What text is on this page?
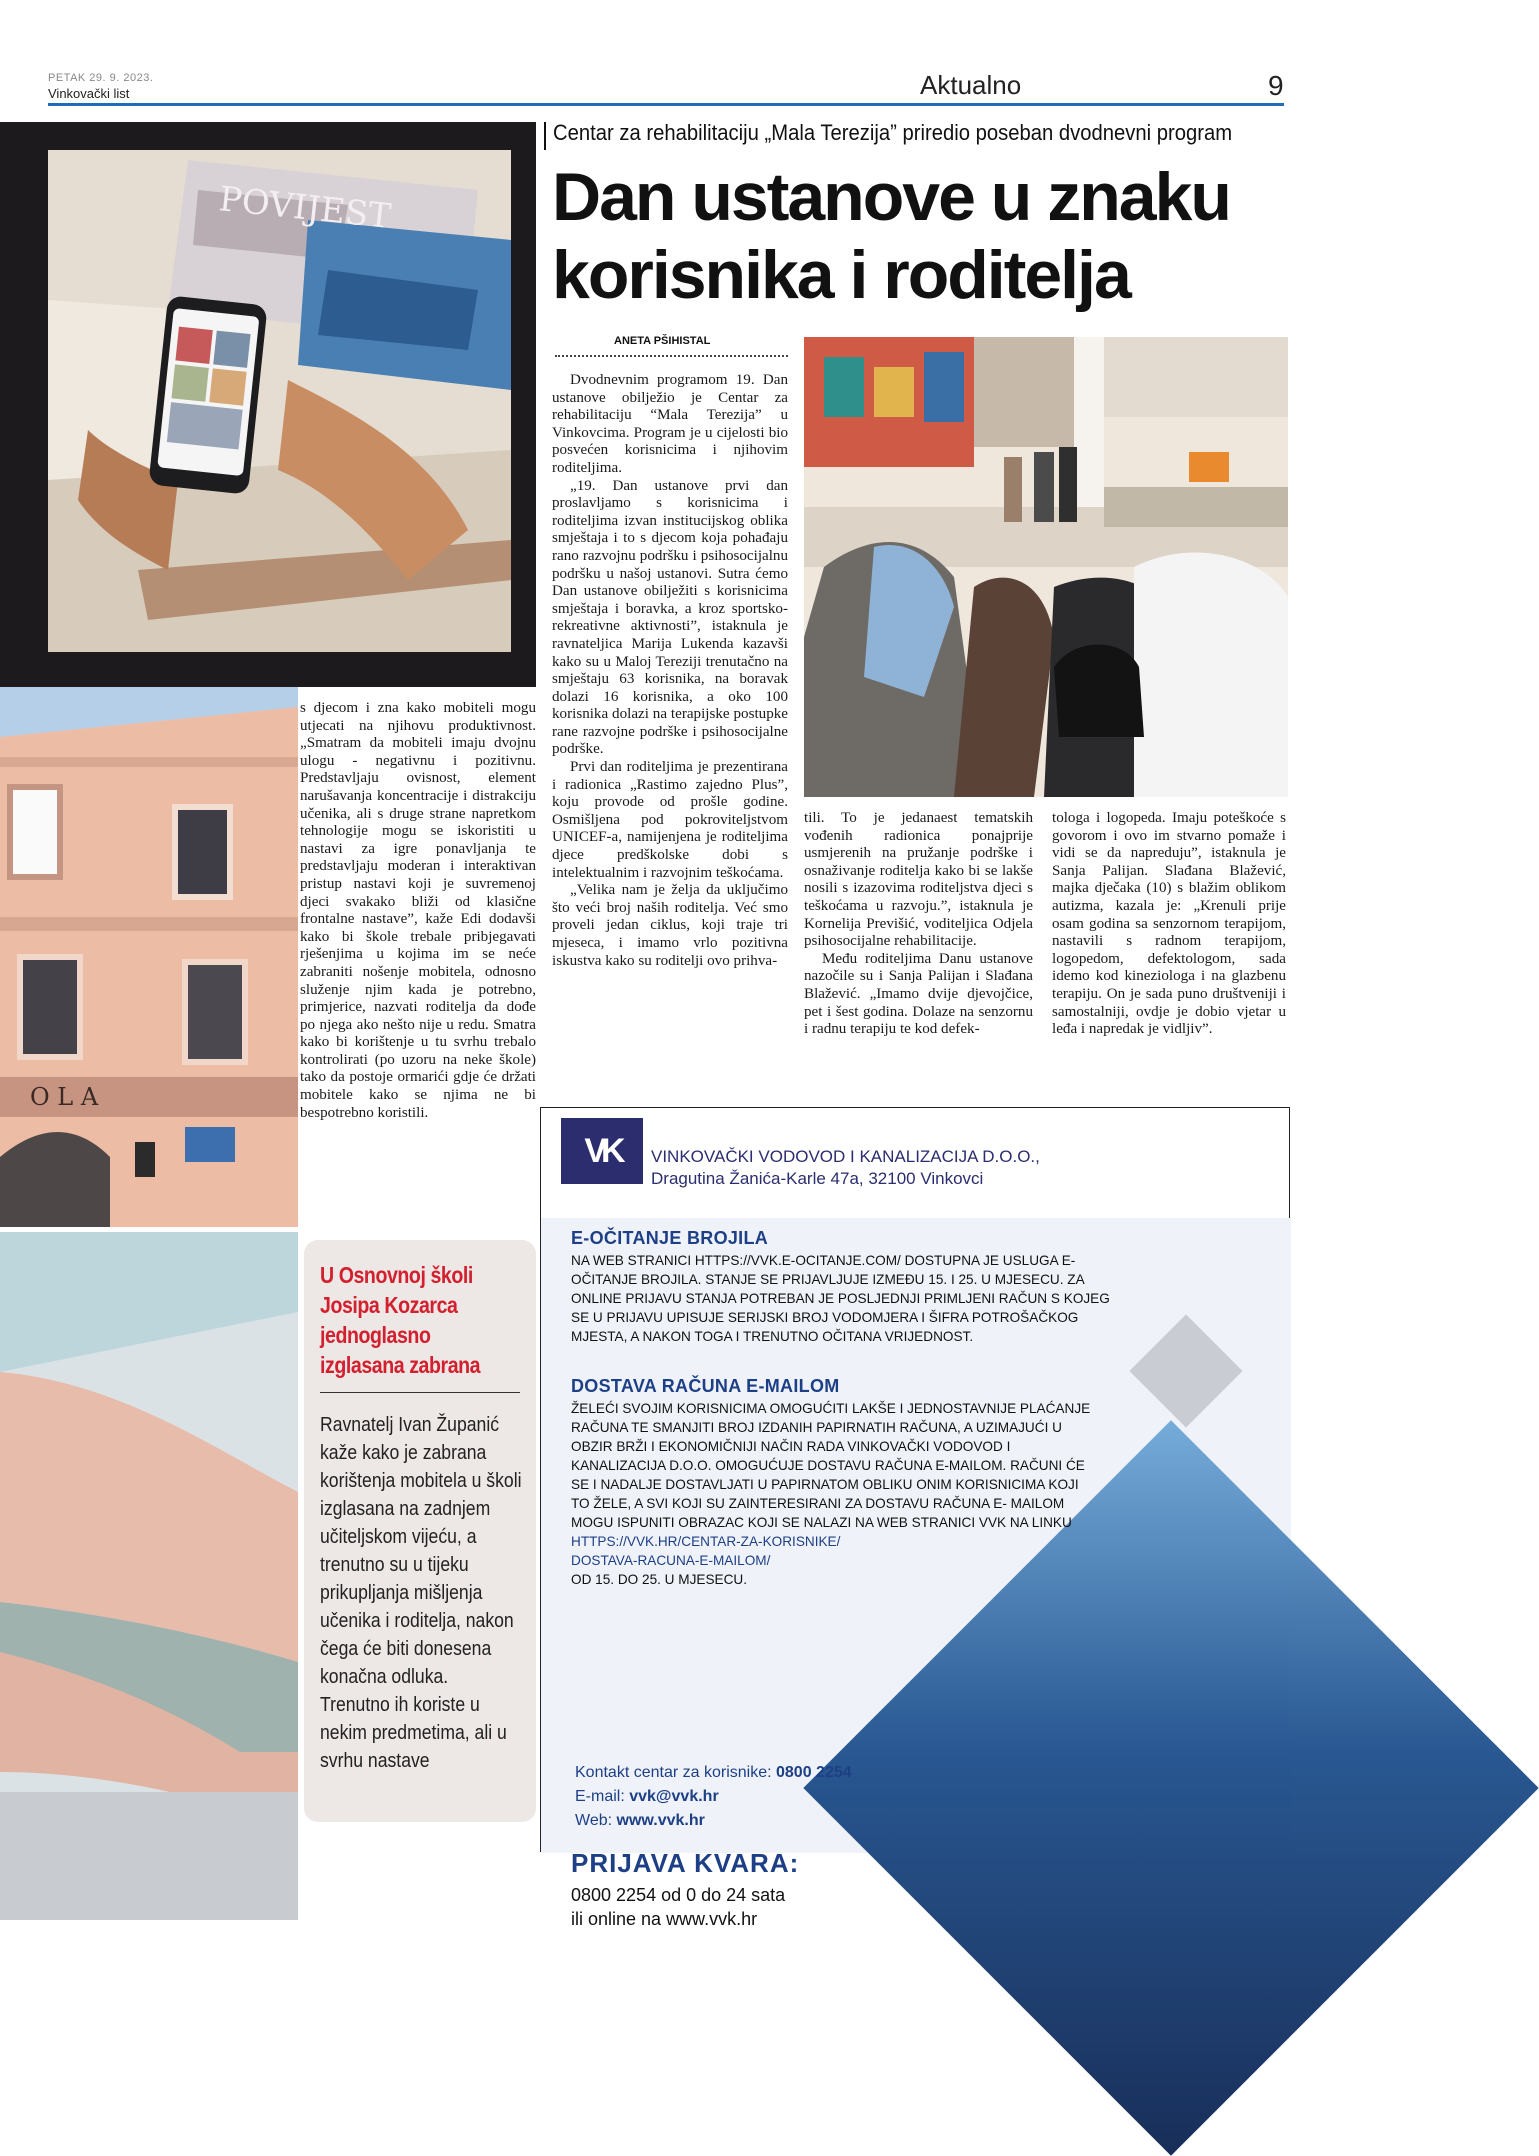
PETAK 29. 9. 2023.
Vinkovački list	Aktualno	9
POVIJEST
O L A
Centar za rehabilitaciju „Mala Terezija” priredio poseban dvodnevni program
Dan ustanove u znaku korisnika i roditelja
ANETA PŠIHISTAL

Dvodnevnim programom 19. Dan ustanove obilježio je Centar za rehabilitaciju “Mala Terezija” u Vinkovcima. Program je u cijelosti bio posvećen korisnicima i njihovim roditeljima.

„19. Dan ustanove prvi dan proslavljamo s korisnicima i roditeljima izvan institucijskog oblika smještaja i to s djecom koja pohađaju rano razvojnu podršku i psihosocijalnu podršku u našoj ustanovi. Sutra ćemo Dan ustanove obilježiti s korisnicima smještaja i boravka, a kroz sportsko-rekreativne aktivnosti”, istaknula je ravnateljica Marija Lukenda kazavši kako su u Maloj Tereziji trenutačno na smještaju 63 korisnika, na boravak dolazi 16 korisnika, a oko 100 korisnika dolazi na terapijske postupke rane razvojne podrške i psihosocijalne podrške.

Prvi dan roditeljima je prezentirana i radionica „Rastimo zajedno Plus”, koju provode od prošle godine. Osmišljena pod pokroviteljstvom UNICEF-a, namijenjena je roditeljima djece predškolske dobi s intelektualnim i razvojnim teškoćama.

„Velika nam je želja da uključimo što veći broj naših roditelja. Već smo proveli jedan ciklus, koji traje tri mjeseca, i imamo vrlo pozitivna iskustva kako su roditelji ovo prihva-

tili. To je jedanaest tematskih vođenih radionica ponajprije usmjerenih na pružanje podrške i osnaživanje roditelja kako bi se lakše nosili s izazovima roditeljstva djeci s teškoćama u razvoju.”, istaknula je Kornelija Previšić, voditeljica Odjela psihosocijalne rehabilitacije.

Među roditeljima Danu ustanove nazočile su i Sanja Palijan i Slađana Blažević. „Imamo dvije djevojčice, pet i šest godina. Dolaze na senzornu i radnu terapiju te kod defek-

tologa i logopeda. Imaju poteškoće s govorom i ovo im stvarno pomaže i vidi se da napreduju”, istaknula je Sanja Palijan. Slađana Blažević, majka dječaka (10) s blažim oblikom autizma, kazala je: „Krenuli prije osam godina sa senzornom terapijom, nastavili s radnom terapijom, logopedom, defektologom, sada idemo kod kineziologa i na glazbenu terapiju. On je sada puno društveniji i samostalniji, ovdje je dobio vjetar u leđa i napredak je vidljiv”.

s djecom i zna kako mobiteli mogu utjecati na njihovu produktivnost. „Smatram da mobiteli imaju dvojnu ulogu - negativnu i pozitivnu. Predstavljaju ovisnost, element narušavanja koncentracije i distrakciju učenika, ali s druge strane napretkom tehnologije mogu se iskoristiti u nastavi za igre ponavljanja te predstavljaju moderan i interaktivan pristup nastavi koji je suvremenoj djeci svakako bliži od klasične frontalne nastave”, kaže Edi dodavši kako bi škole trebale pribjegavati rješenjima u kojima im se neće zabraniti nošenje mobitela, odnosno služenje njim kada je potrebno, primjerice, nazvati roditelja da dođe po njega ako nešto nije u redu. Smatra kako bi korištenje u tu svrhu trebalo kontrolirati (po uzoru na neke škole) tako da postoje ormarići gdje će držati mobitele kako se njima ne bi bespotrebno koristili.

U Osnovnoj školi Josipa Kozarca jednoglasno izglasana zabrana
Ravnatelj Ivan Županić kaže kako je zabrana korištenja mobitela u školi izglasana na zadnjem učiteljskom vijeću, a trenutno su u tijeku prikupljanja mišljenja učenika i roditelja, nakon čega će biti donesena konačna odluka. Trenutno ih koriste u nekim predmetima, ali u svrhu nastave
VK VINKOVAČKI VODOVOD I KANALIZACIJA D.O.O.,
Dragutina Žanića-Karle 47a, 32100 Vinkovci
E-OČITANJE BROJILA
NA WEB STRANICI HTTPS://VVK.E-OCITANJE.COM/ DOSTUPNA JE USLUGA E-OČITANJE BROJILA. STANJE SE PRIJAVLJUJE IZMEĐU 15. I 25. U MJESECU. ZA ONLINE PRIJAVU STANJA POTREBAN JE POSLJEDNJI PRIMLJENI RAČUN S KOJEG SE U PRIJAVU UPISUJE SERIJSKI BROJ VODOMJERA I ŠIFRA POTROŠAČKOG MJESTA, A NAKON TOGA I TRENUTNO OČITANA VRIJEDNOST.
DOSTAVA RAČUNA E-MAILOM
ŽELEĆI SVOJIM KORISNICIMA OMOGUĆITI LAKŠE I JEDNOSTAVNIJE PLAĆANJE RAČUNA TE SMANJITI BROJ IZDANIH PAPIRNATIH RAČUNA, A UZIMAJUĆI U OBZIR BRŽI I EKONOMIČNIJI NAČIN RADA VINKOVAČKI VODOVOD I KANALIZACIJA D.O.O. OMOGUĆUJE DOSTAVU RAČUNA E-MAILOM. RAČUNI ĆE SE I NADALJE DOSTAVLJATI U PAPIRNATOM OBLIKU ONIM KORISNICIMA KOJI TO ŽELE, A SVI KOJI SU ZAINTERESIRANI ZA DOSTAVU RAČUNA E- MAILOM MOGU ISPUNITI OBRAZAC KOJI SE NALAZI NA WEB STRANICI VVK NA LINKU
HTTPS://VVK.HR/CENTAR-ZA-KORISNIKE/ DOSTAVA-RACUNA-E-MAILOM/
OD 15. DO 25. U MJESECU.
Kontakt centar za korisnike: 0800 2254
E-mail: vvk@vvk.hr
Web: www.vvk.hr
PRIJAVA KVARA:
0800 2254 od 0 do 24 sata
ili online na www.vvk.hr
